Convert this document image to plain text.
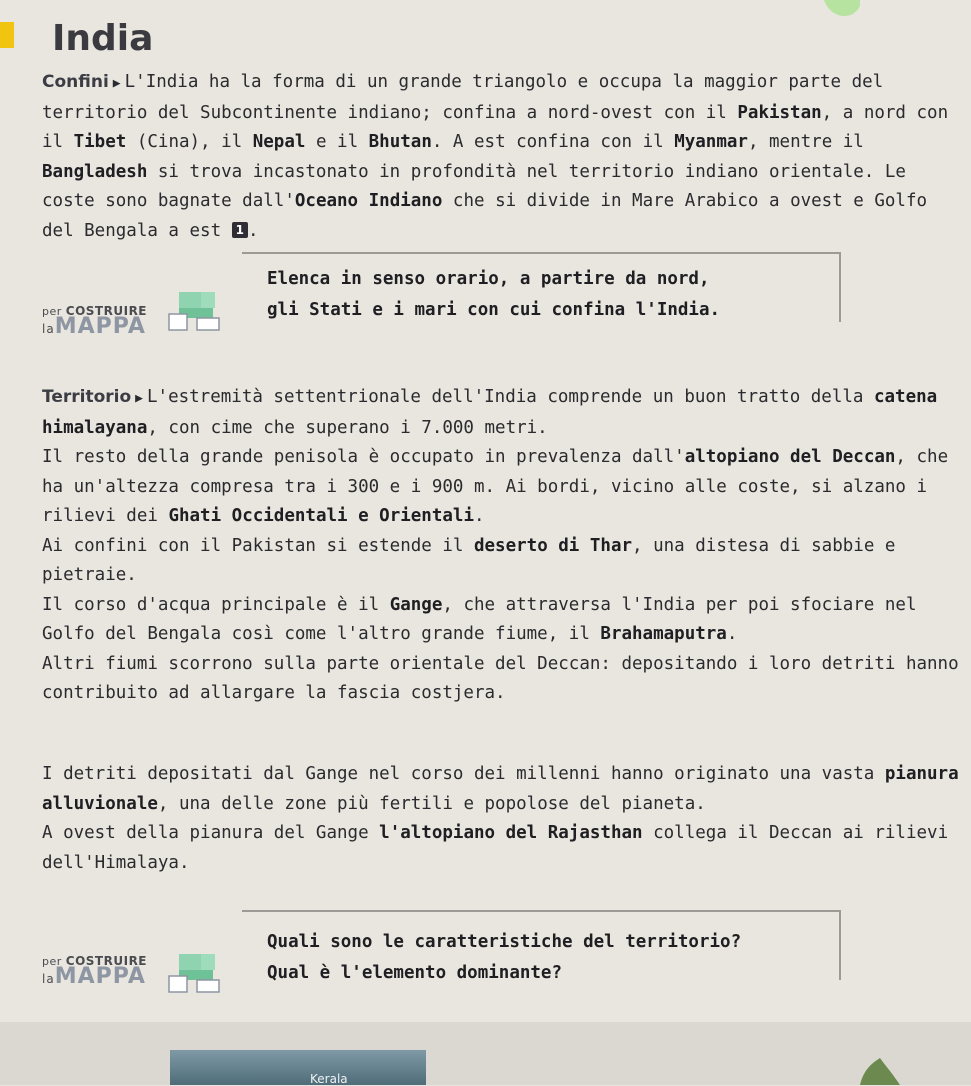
India

Confini ▶ L'India ha la forma di un grande triangolo e occupa la maggior parte del territorio del Subcontinente indiano; confina a nord-ovest con il Pakistan, a nord con il Tibet (Cina), il Nepal e il Bhutan. A est confina con il Myanmar, mentre il Bangladesh si trova incastonato in profondità nel territorio indiano orientale. Le coste sono bagnate dall'Oceano Indiano che si divide in Mare Arabico a ovest e Golfo del Bengala a est 1 .

per COSTRUIRE
laMAPPA
Elenca in senso orario, a partire da nord,
gli Stati e i mari con cui confina l'India.

Territorio ▶ L'estremità settentrionale dell'India comprende un buon tratto della catena himalayana, con cime che superano i 7.000 metri.

Il resto della grande penisola è occupato in prevalenza dall'altopiano del Deccan, che ha un'altezza compresa tra i 300 e i 900 m. Ai bordi, vicino alle coste, si alzano i rilievi dei Ghati Occidentali e Orientali.

Ai confini con il Pakistan si estende il deserto di Thar, una distesa di sabbie e pietraie.

Il corso d'acqua principale è il Gange, che attraversa l'India per poi sfociare nel Golfo del Bengala così come l'altro grande fiume, il Brahamaputra.

Altri fiumi scorrono sulla parte orientale del Deccan: depositando i loro detriti hanno contribuito ad allargare la fascia costjera.

I detriti depositati dal Gange nel corso dei millenni hanno originato una vasta pianura alluvionale, una delle zone più fertili e popolose del pianeta.

A ovest della pianura del Gange l'altopiano del Rajasthan collega il Deccan ai rilievi dell'Himalaya.

per COSTRUIRE
laMAPPA
Quali sono le caratteristiche del territorio?
Qual è l'elemento dominante?
Kerala
